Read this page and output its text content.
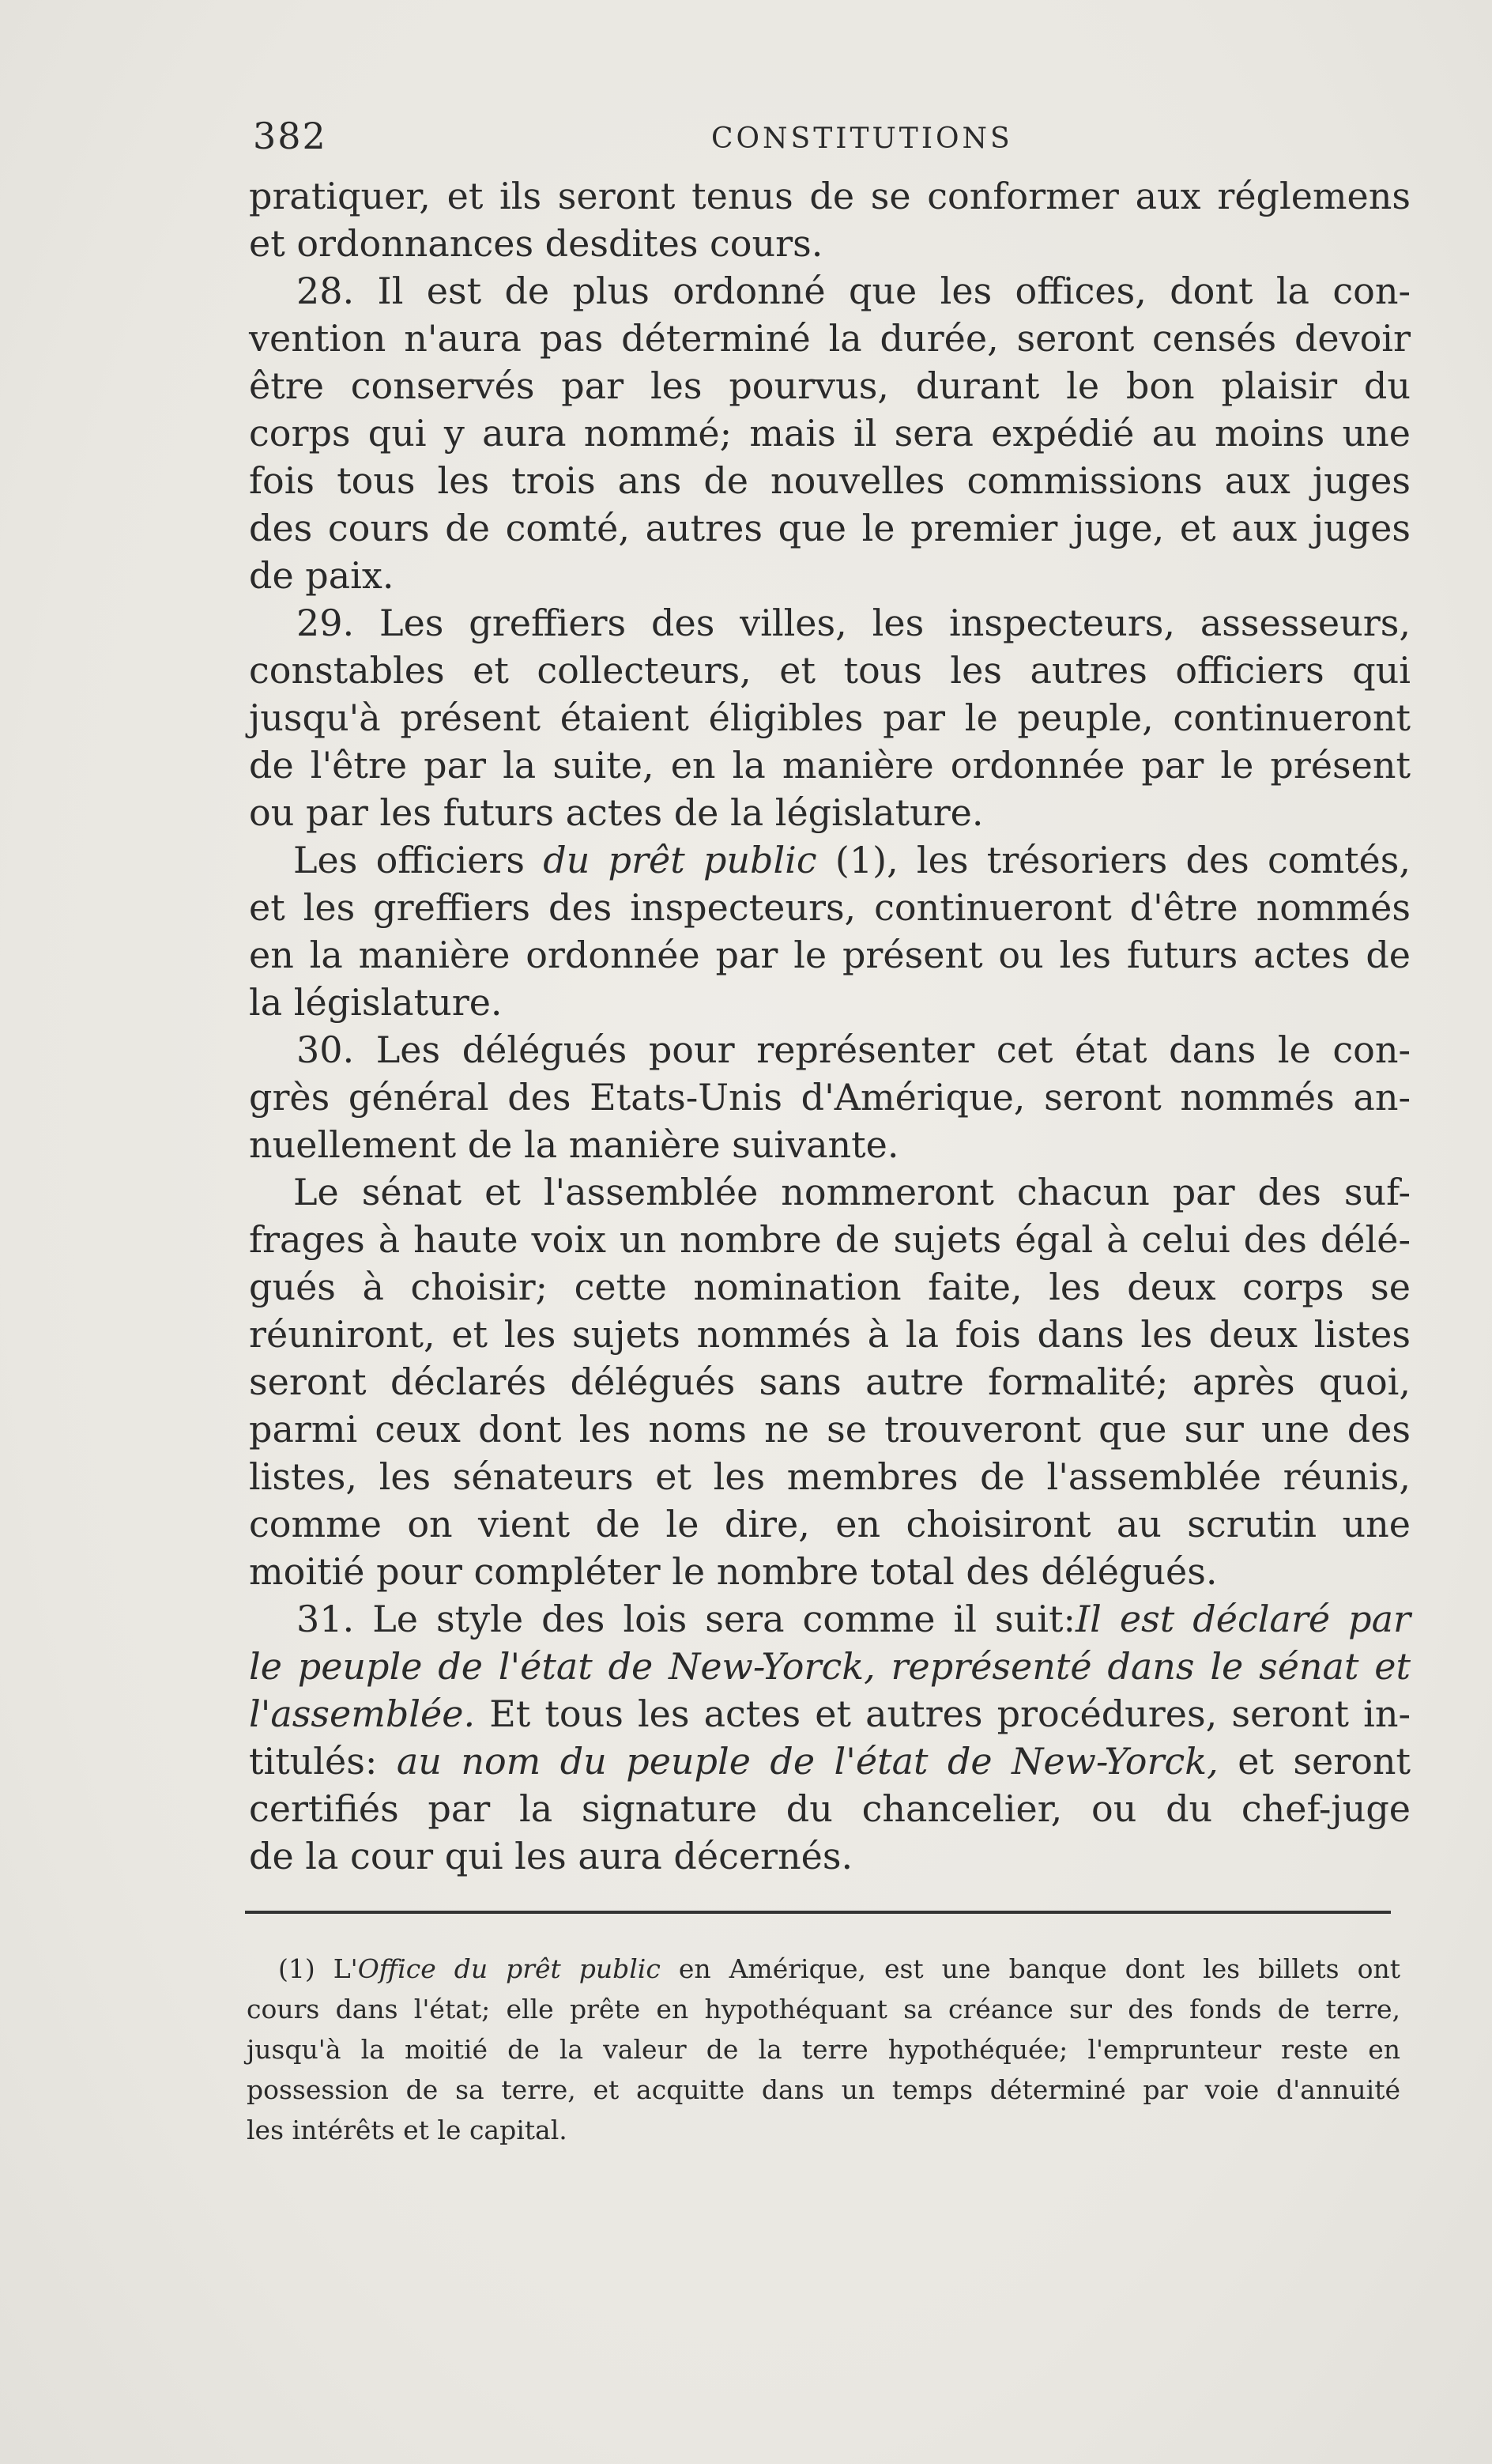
382	CONSTITUTIONS
pratiquer, et ils seront tenus de se conformer aux réglemens
et ordonnances desdites cours.
28. Il est de plus ordonné que les offices, dont la con-
vention n'aura pas déterminé la durée, seront censés devoir
être conservés par les pourvus, durant le bon plaisir du
corps qui y aura nommé; mais il sera expédié au moins une
fois tous les trois ans de nouvelles commissions aux juges
des cours de comté, autres que le premier juge, et aux juges
de paix.
29. Les greffiers des villes, les inspecteurs, assesseurs,
constables et collecteurs, et tous les autres officiers qui
jusqu'à présent étaient éligibles par le peuple, continueront
de l'être par la suite, en la manière ordonnée par le présent
ou par les futurs actes de la législature.
Les officiers du prêt public (1), les trésoriers des comtés,
et les greffiers des inspecteurs, continueront d'être nommés
en la manière ordonnée par le présent ou les futurs actes de
la législature.
30. Les délégués pour représenter cet état dans le con-
grès général des Etats-Unis d'Amérique, seront nommés an-
nuellement de la manière suivante.
Le sénat et l'assemblée nommeront chacun par des suf-
frages à haute voix un nombre de sujets égal à celui des délé-
gués à choisir; cette nomination faite, les deux corps se
réuniront, et les sujets nommés à la fois dans les deux listes
seront déclarés délégués sans autre formalité; après quoi,
parmi ceux dont les noms ne se trouveront que sur une des
listes, les sénateurs et les membres de l'assemblée réunis,
comme on vient de le dire, en choisiront au scrutin une
moitié pour compléter le nombre total des délégués.
31. Le style des lois sera comme il suit:Il est déclaré par
le peuple de l'état de New-Yorck, représenté dans le sénat et
l'assemblée. Et tous les actes et autres procédures, seront in-
titulés: au nom du peuple de l'état de New-Yorck, et seront
certifiés par la signature du chancelier, ou du chef-juge
de la cour qui les aura décernés.
(1) L'Office du prêt public en Amérique, est une banque dont les billets ont
cours dans l'état; elle prête en hypothéquant sa créance sur des fonds de terre,
jusqu'à la moitié de la valeur de la terre hypothéquée; l'emprunteur reste en
possession de sa terre, et acquitte dans un temps déterminé par voie d'annuité
les intérêts et le capital.
